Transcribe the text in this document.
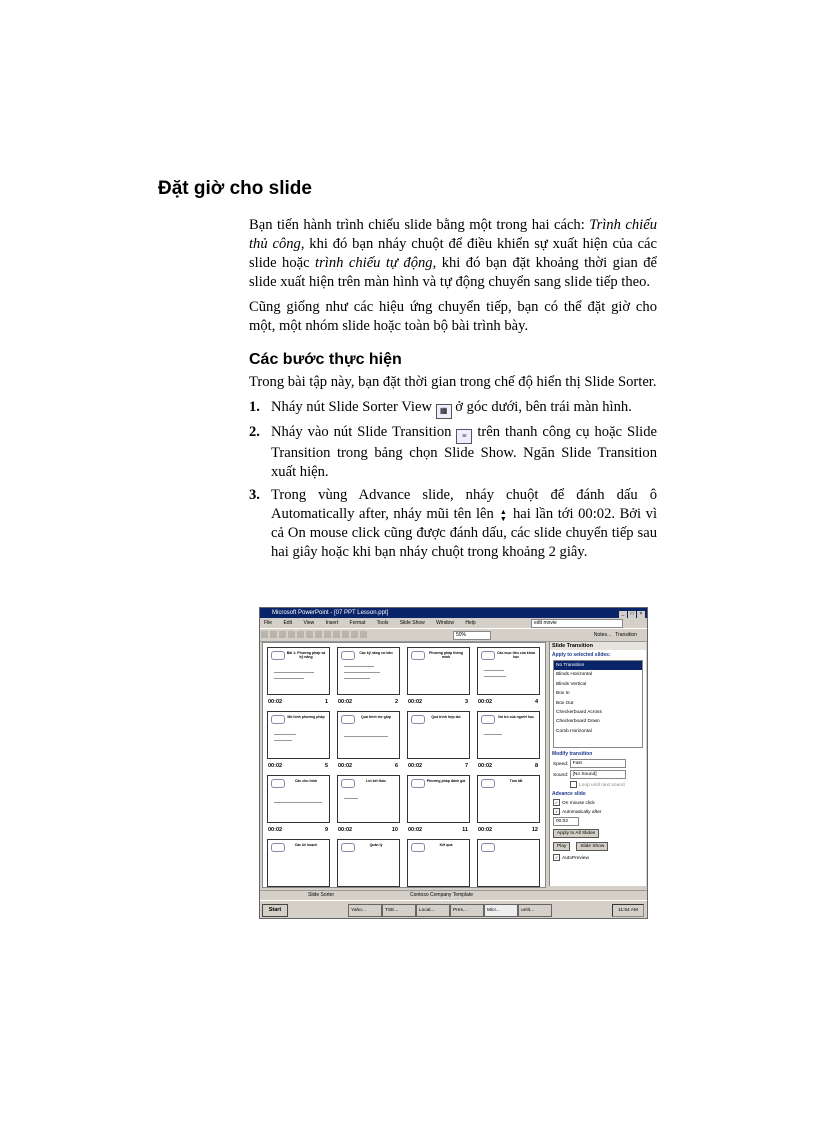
Đặt giờ cho slide

Bạn tiến hành trình chiếu slide bằng một trong hai cách: Trình chiếu thủ công, khi đó bạn nháy chuột để điều khiển sự xuất hiện của các slide hoặc trình chiếu tự động, khi đó bạn đặt khoảng thời gian để slide xuất hiện trên màn hình và tự động chuyển sang slide tiếp theo.

Cũng giống như các hiệu ứng chuyển tiếp, bạn có thể đặt giờ cho một, một nhóm slide hoặc toàn bộ bài trình bày.

Các bước thực hiện

Trong bài tập này, bạn đặt thời gian trong chế độ hiển thị Slide Sorter.

1. Nháy nút Slide Sorter View ▦ ở góc dưới, bên trái màn hình.
2. Nháy vào nút Slide Transition ≡ trên thanh công cụ hoặc Slide Transition trong bảng chọn Slide Show. Ngăn Slide Transition xuất hiện.
3. Trong vùng Advance slide, nháy chuột để đánh dấu ô Automatically after, nháy mũi tên lên ▲
▼ hai lần tới 00:02. Bởi vì cả On mouse click cũng được đánh dấu, các slide chuyển tiếp sau hai giây hoặc khi bạn nháy chuột trong khoảng 2 giây.
Microsoft PowerPoint - [07 PPT Lesson.ppt]	_ □ ×
File Edit View Insert Format Tools Slide Show Window Help	edit movie
50%	Notes... Transition
Bài 1: Phương pháp và kỹ năng
00:02	1
Các kỹ năng cơ bản
00:02	2
Phương pháp thông minh
00:02	3
Các mục tiêu của khóa học
00:02	4
Mô hình phương pháp
00:02	5
Quá trình trợ giúp
00:02	6
Quá trình hợp tác
00:02	7
Vai trò của người học
00:02	8
Các chu trình
00:02	9
Lời kết thúc
00:02	10
Phương pháp đánh giá
00:02	11
Tóm tắt
00:02	12
Các kế hoạch	Quản lý	Kết quả
Slide Transition
Apply to selected slides:
No Transition
Blinds Horizontal
Blinds Vertical
Box In
Box Out
Checkerboard Across
Checkerboard Down
Comb Horizontal
Modify transition
Speed: Fast
Sound: [No Sound]
Loop until next sound
Advance slide
✓ On mouse click
✓ Automatically after
00:02
Apply to All Slides
Play	Slide Show
✓ AutoPreview
Slide Sorter	Contoso Company Template
Start	Yaho...	TSE...	Local...	Pres...	Micr...	untit...	11:54 AM
